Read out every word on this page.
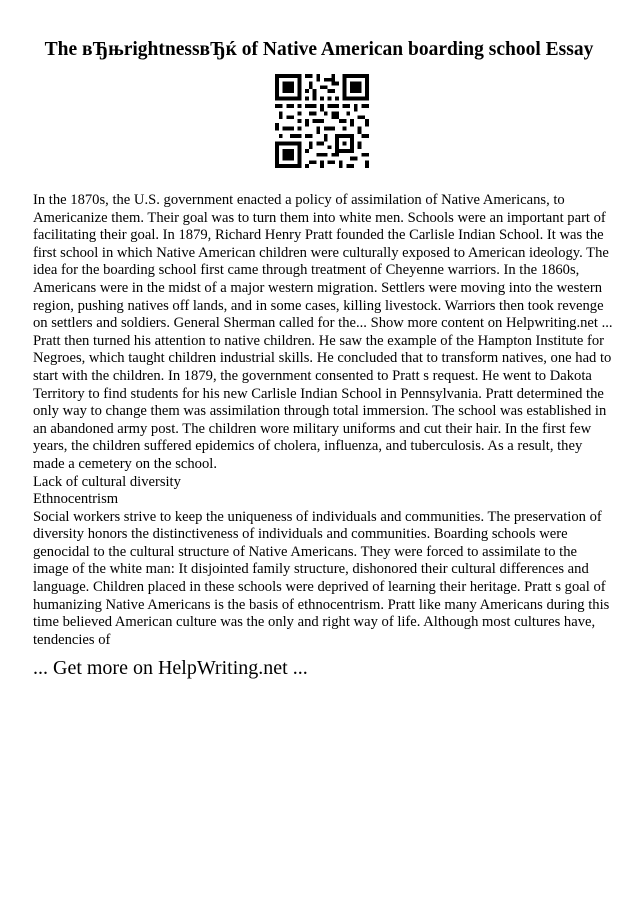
The вЂњrightnessвЂќ of Native American boarding school Essay

In the 1870s, the U.S. government enacted a policy of assimilation of Native Americans, to Americanize them. Their goal was to turn them into white men. Schools were an important part of facilitating their goal. In 1879, Richard Henry Pratt founded the Carlisle Indian School. It was the first school in which Native American children were culturally exposed to American ideology. The idea for the boarding school first came through treatment of Cheyenne warriors. In the 1860s, Americans were in the midst of a major western migration. Settlers were moving into the western region, pushing natives off lands, and in some cases, killing livestock. Warriors then took revenge on settlers and soldiers. General Sherman called for the... Show more content on Helpwriting.net ... Pratt then turned his attention to native children. He saw the example of the Hampton Institute for Negroes, which taught children industrial skills. He concluded that to transform natives, one had to start with the children. In 1879, the government consented to Pratt s request. He went to Dakota Territory to find students for his new Carlisle Indian School in Pennsylvania. Pratt determined the only way to change them was assimilation through total immersion. The school was established in an abandoned army post. The children wore military uniforms and cut their hair. In the first few years, the children suffered epidemics of cholera, influenza, and tuberculosis. As a result, they made a cemetery on the school.

Lack of cultural diversity

Ethnocentrism

Social workers strive to keep the uniqueness of individuals and communities. The preservation of diversity honors the distinctiveness of individuals and communities. Boarding schools were genocidal to the cultural structure of Native Americans. They were forced to assimilate to the image of the white man: It disjointed family structure, dishonored their cultural differences and language. Children placed in these schools were deprived of learning their heritage. Pratt s goal of humanizing Native Americans is the basis of ethnocentrism. Pratt like many Americans during this time believed American culture was the only and right way of life. Although most cultures have, tendencies of

... Get more on HelpWriting.net ...
